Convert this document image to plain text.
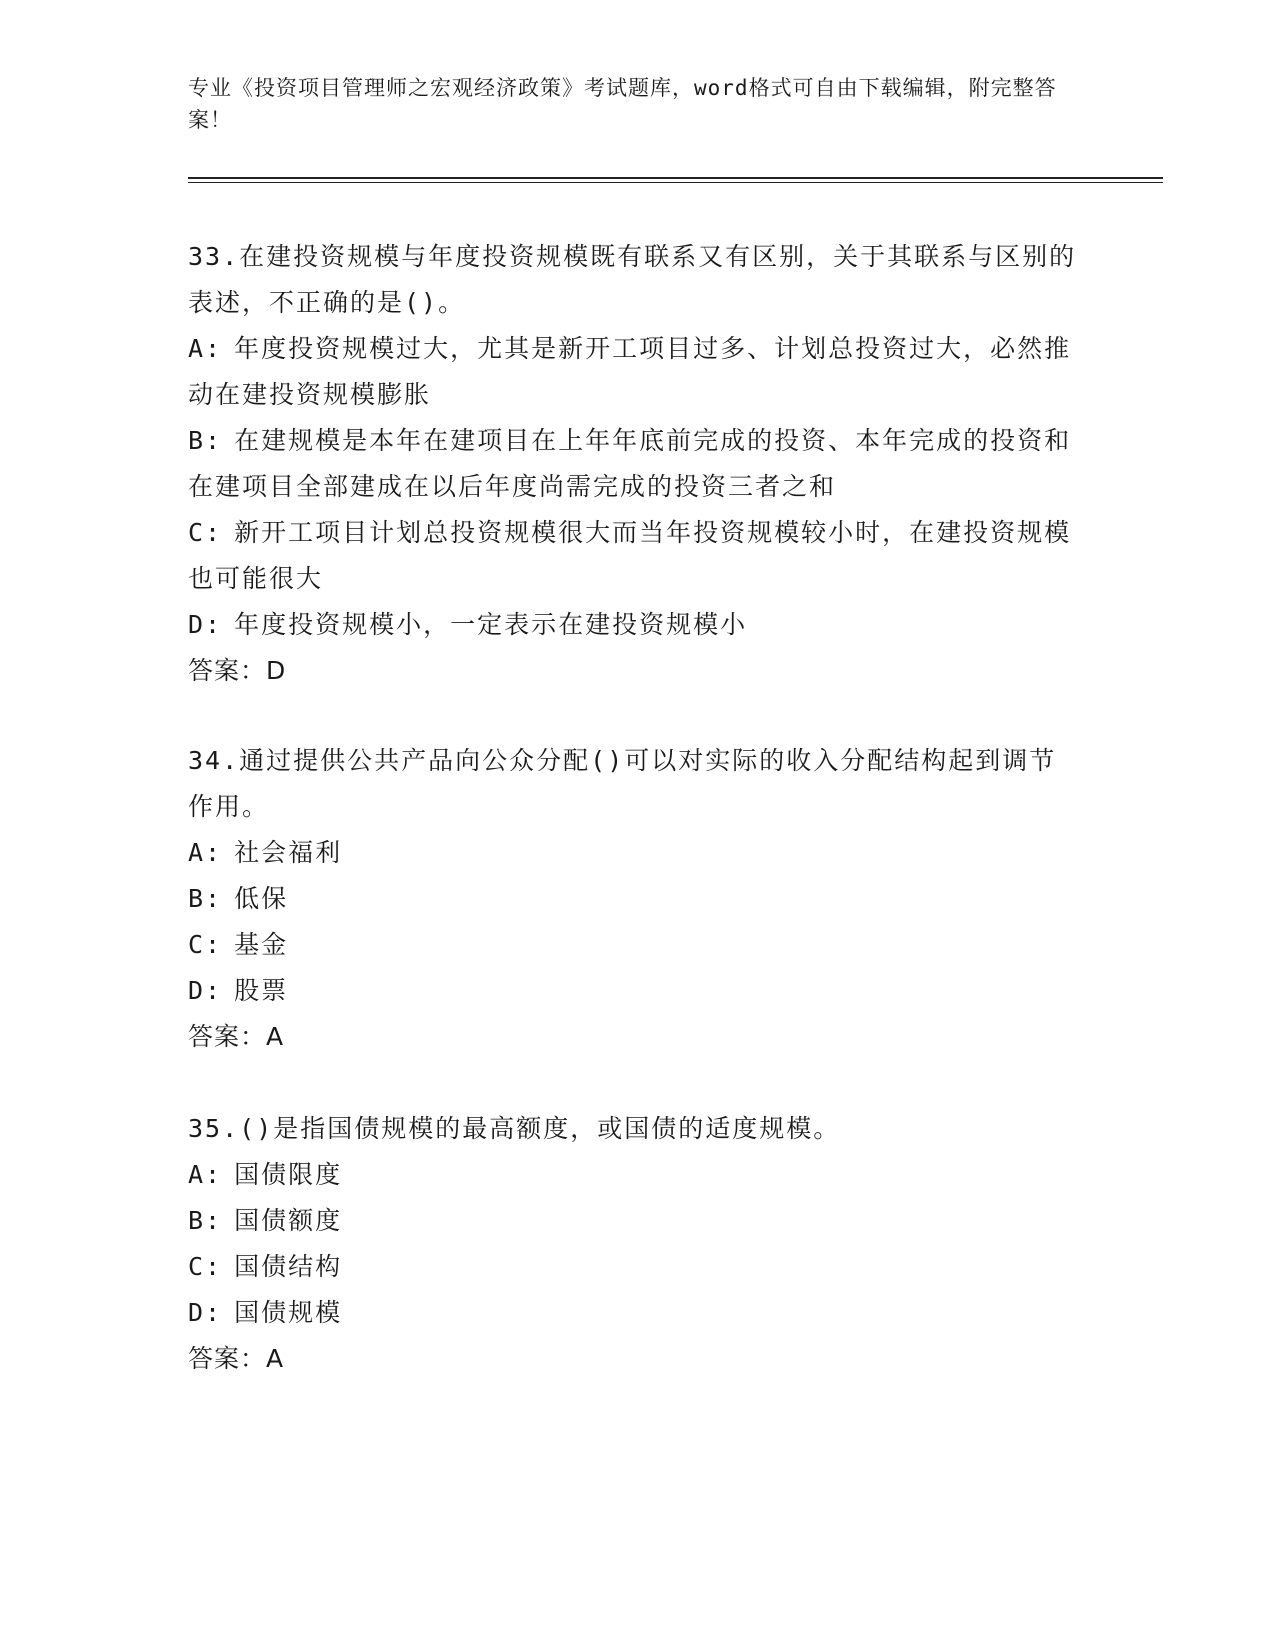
专业《投资项目管理师之宏观经济政策》考试题库，word格式可自由下载编辑，附完整答案！
33.在建投资规模与年度投资规模既有联系又有区别，关于其联系与区别的表述，不正确的是()。
A: 年度投资规模过大，尤其是新开工项目过多、计划总投资过大，必然推动在建投资规模膨胀
B: 在建规模是本年在建项目在上年年底前完成的投资、本年完成的投资和在建项目全部建成在以后年度尚需完成的投资三者之和
C: 新开工项目计划总投资规模很大而当年投资规模较小时，在建投资规模也可能很大
D: 年度投资规模小，一定表示在建投资规模小
答案：D
34.通过提供公共产品向公众分配()可以对实际的收入分配结构起到调节作用。
A: 社会福利
B: 低保
C: 基金
D: 股票
答案：A
35.()是指国债规模的最高额度，或国债的适度规模。
A: 国债限度
B: 国债额度
C: 国债结构
D: 国债规模
答案：A
